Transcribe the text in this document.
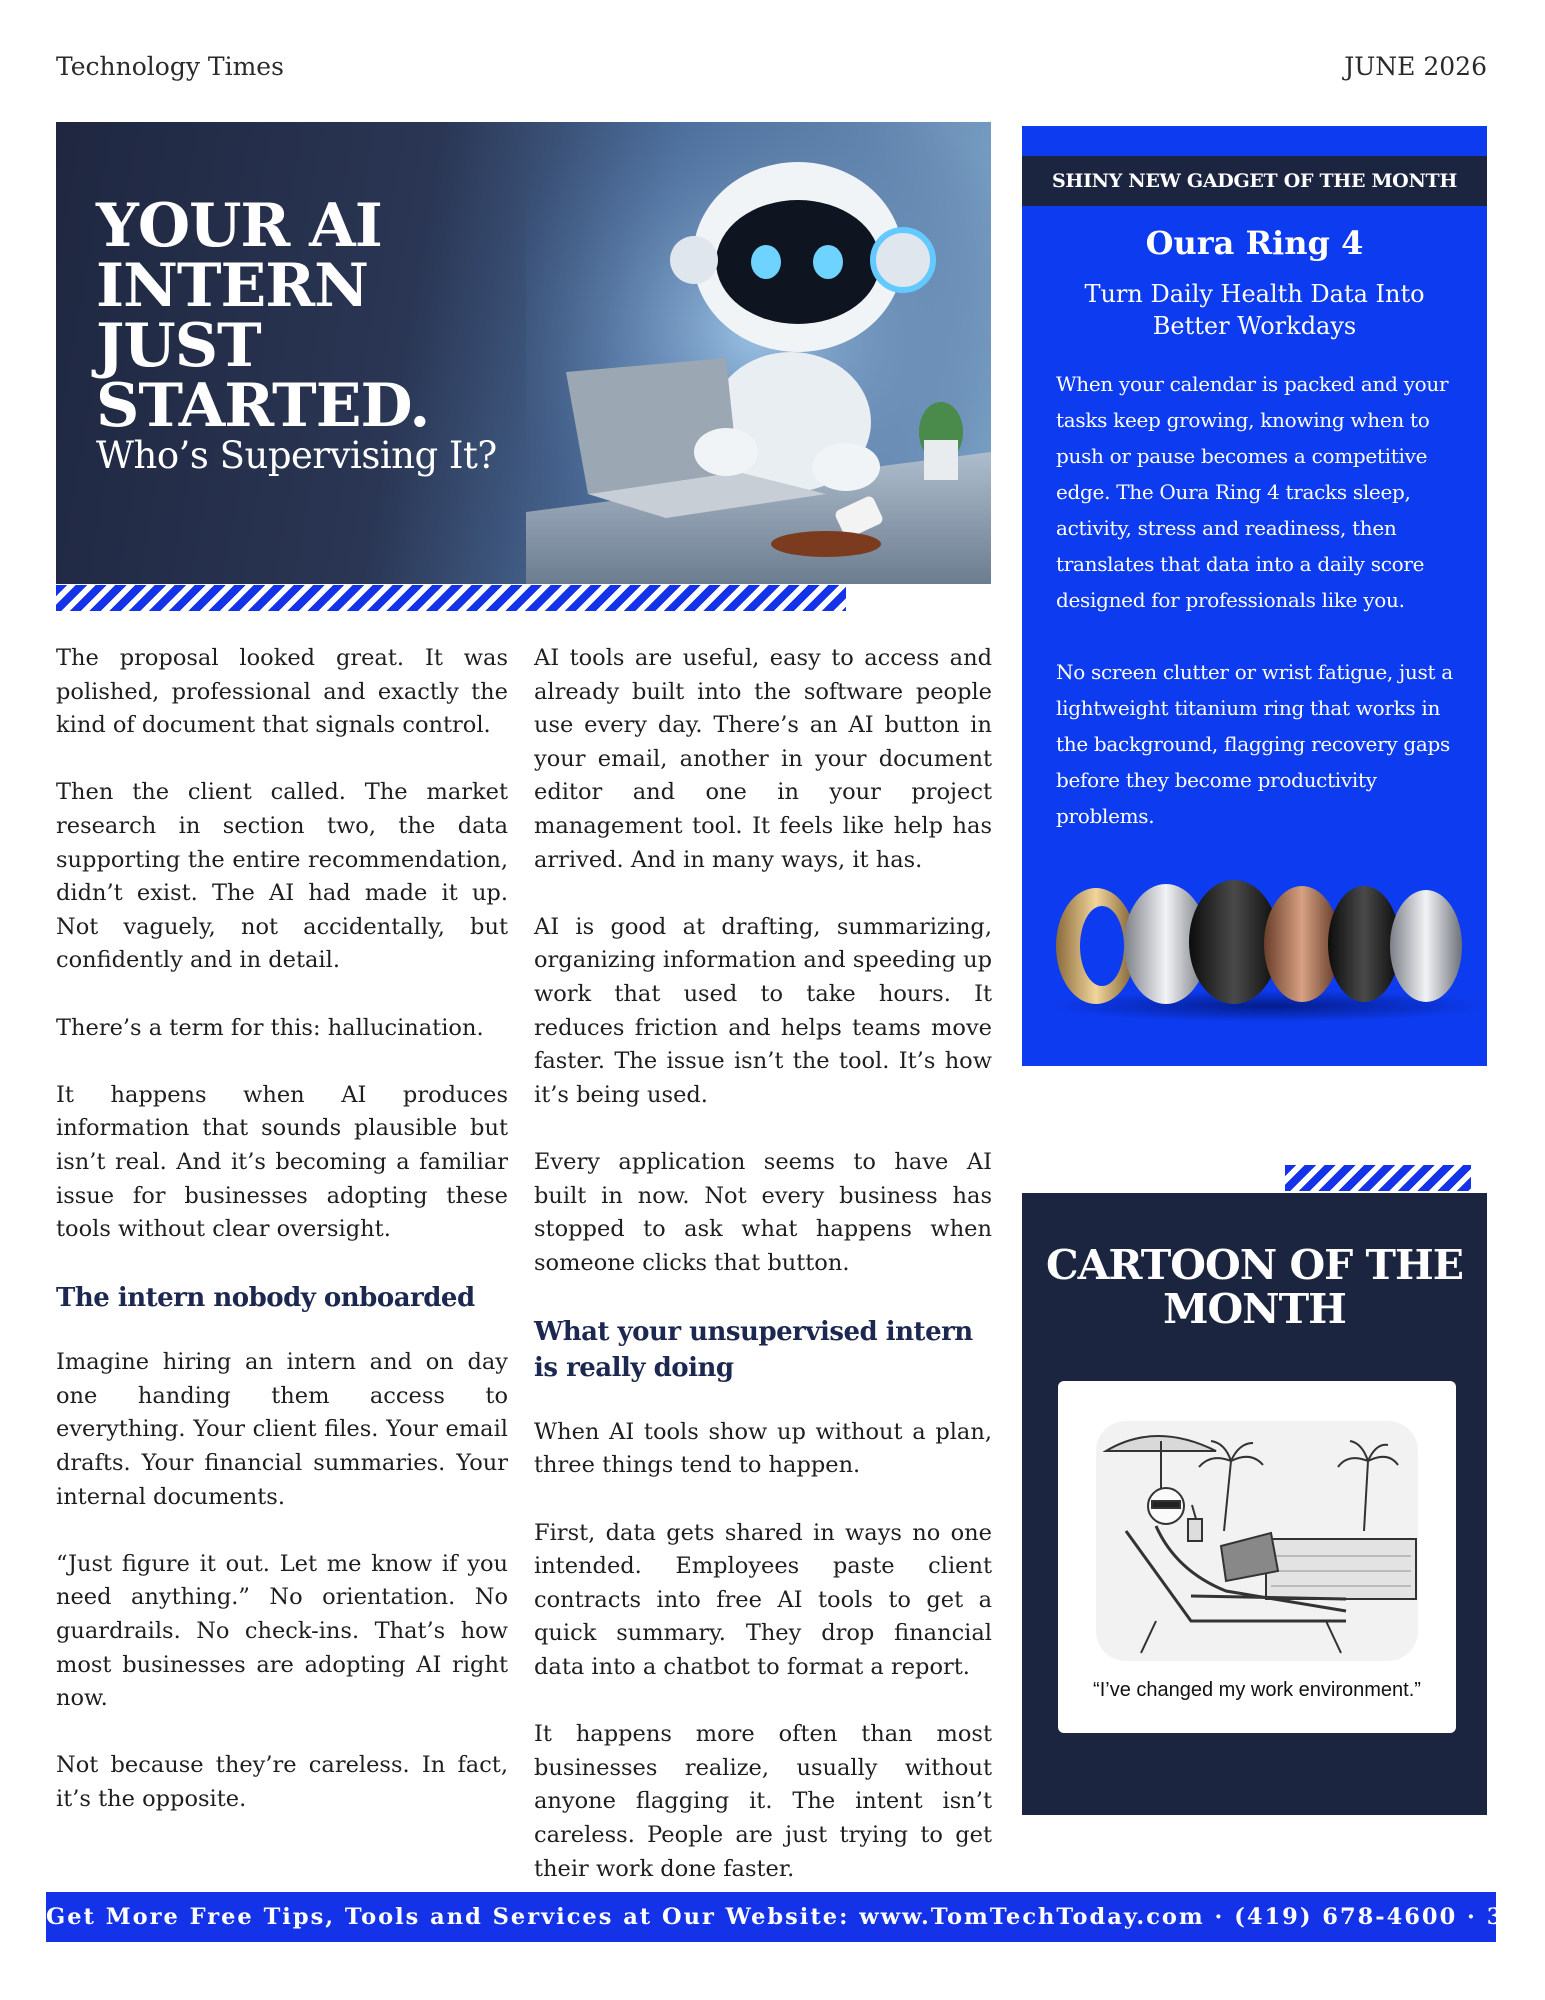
Technology Times	JUNE 2026
YOUR AI INTERN JUST STARTED.
Who’s Supervising It?

The proposal looked great. It was polished, professional and exactly the kind of document that signals control.

Then the client called. The market research in section two, the data supporting the entire recommendation, didn’t exist. The AI had made it up. Not vaguely, not accidentally, but confidently and in detail.

There’s a term for this: hallucination.

It happens when AI produces information that sounds plausible but isn’t real. And it’s becoming a familiar issue for businesses adopting these tools without clear oversight.

The intern nobody onboarded

Imagine hiring an intern and on day one handing them access to everything. Your client files. Your email drafts. Your financial summaries. Your internal documents.

“Just figure it out. Let me know if you need anything.” No orientation. No guardrails. No check-ins. That’s how most businesses are adopting AI right now.

Not because they’re careless. In fact, it’s the opposite.

AI tools are useful, easy to access and already built into the software people use every day. There’s an AI button in your email, another in your document editor and one in your project management tool. It feels like help has arrived. And in many ways, it has.

AI is good at drafting, summarizing, organizing information and speeding up work that used to take hours. It reduces friction and helps teams move faster. The issue isn’t the tool. It’s how it’s being used.

Every application seems to have AI built in now. Not every business has stopped to ask what happens when someone clicks that button.

What your unsupervised intern is really doing

When AI tools show up without a plan, three things tend to happen.

First, data gets shared in ways no one intended. Employees paste client contracts into free AI tools to get a quick summary. They drop financial data into a chatbot to format a report.

It happens more often than most businesses realize, usually without anyone flagging it. The intent isn’t careless. People are just trying to get their work done faster.

SHINY NEW GADGET OF THE MONTH
Oura Ring 4
Turn Daily Health Data Into Better Workdays

When your calendar is packed and your tasks keep growing, knowing when to push or pause becomes a competitive edge. The Oura Ring 4 tracks sleep, activity, stress and readiness, then translates that data into a daily score designed for professionals like you.

No screen clutter or wrist fatigue, just a lightweight titanium ring that works in the background, flagging recovery gaps before they become productivity problems.

CARTOON OF THE MONTH
“I’ve changed my work environment.”
Get More Free Tips, Tools and Services at Our Website: www.TomTechToday.com · (419) 678-4600 · 3
